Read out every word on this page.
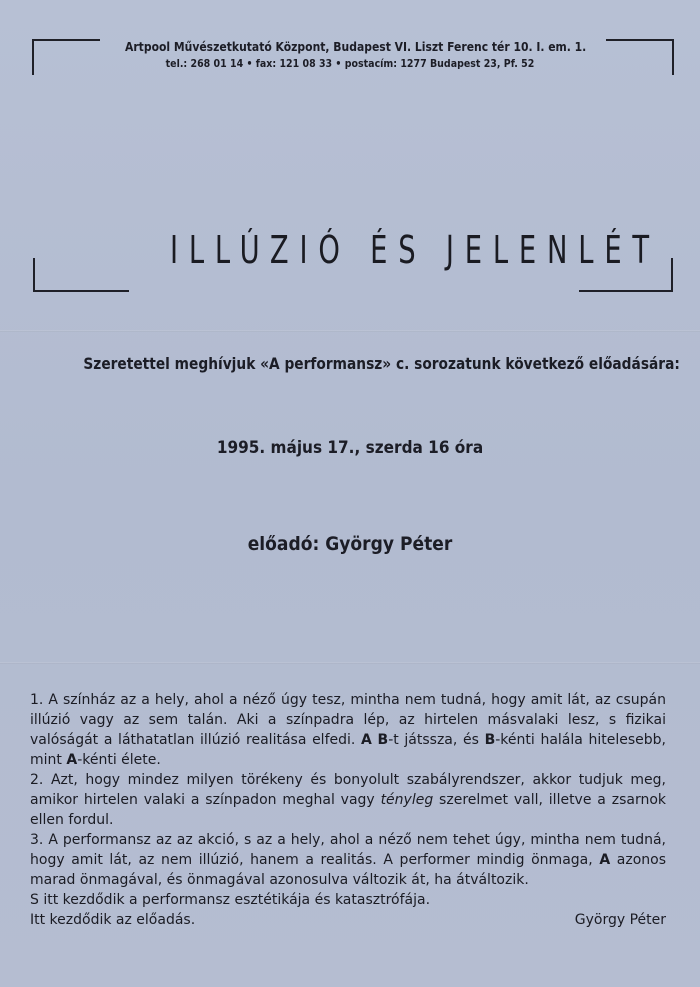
Artpool Művészetkutató Központ, Budapest VI. Liszt Ferenc tér 10. I. em. 1.
tel.: 268 01 14 • fax: 121 08 33 • postacím: 1277 Budapest 23, Pf. 52
ILLÚZIÓ ÉS JELENLÉT
Szeretettel meghívjuk «A performansz» c. sorozatunk következő előadására:
1995. május 17., szerda 16 óra
előadó: György Péter

1. A színház az a hely, ahol a néző úgy tesz, mintha nem tudná, hogy amit lát, az csupán illúzió vagy az sem talán. Aki a színpadra lép, az hirtelen másvalaki lesz, s fizikai valóságát a láthatatlan illúzió realitása elfedi. A B-t játssza, és B-kénti halála hitelesebb, mint A-kénti élete.

2. Azt, hogy mindez milyen törékeny és bonyolult szabályrendszer, akkor tudjuk meg, amikor hirtelen valaki a színpadon meghal vagy tényleg szerelmet vall, illetve a zsarnok ellen fordul.

3. A performansz az az akció, s az a hely, ahol a néző nem tehet úgy, mintha nem tudná, hogy amit lát, az nem illúzió, hanem a realitás. A performer mindig önmaga, A azonos marad önmagával, és önmagával azonosulva változik át, ha átváltozik.

S itt kezdődik a performansz esztétikája és katasztrófája.

Itt kezdődik az előadás.	György Péter
